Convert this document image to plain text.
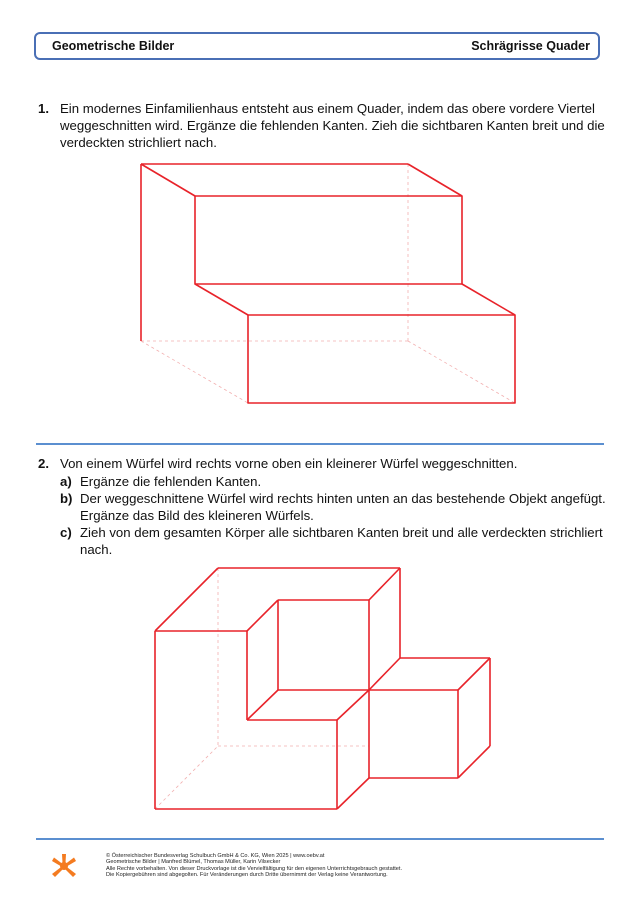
Geometrische Bilder	Schrägrisse Quader
1. Ein modernes Einfamilienhaus entsteht aus einem Quader, indem das obere vordere Viertel weggeschnitten wird. Ergänze die fehlenden Kanten. Zieh die sichtbaren Kanten breit und die verdeckten strichliert nach.
2. Von einem Würfel wird rechts vorne oben ein kleinerer Würfel weggeschnitten.
a) Ergänze die fehlenden Kanten.
b) Der weggeschnittene Würfel wird rechts hinten unten an das bestehende Objekt angefügt. Ergänze das Bild des kleineren Würfels.
c) Zieh von dem gesamten Körper alle sichtbaren Kanten breit und alle verdeckten strichliert nach.
© Österreichischer Bundesverlag Schulbuch GmbH & Co. KG, Wien 2025 | www.oebv.at
Geometrische Bilder | Manfred Blümel, Thomas Müller, Karin Vilsecker
Alle Rechte vorbehalten. Von dieser Druckvorlage ist die Vervielfältigung für den eigenen Unterrichtsgebrauch gestattet.
Die Kopiergebühren sind abgegolten. Für Veränderungen durch Dritte übernimmt der Verlag keine Verantwortung.
